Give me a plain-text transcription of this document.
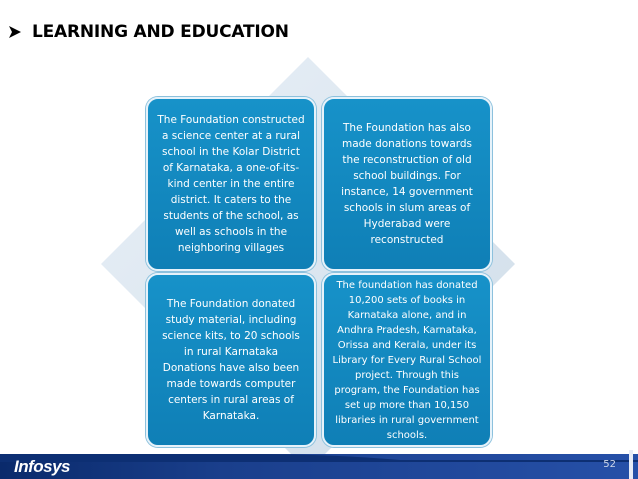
LEARNING AND EDUCATION
The Foundation constructed a science center at a rural school in the Kolar District of Karnataka, a one-of-its-kind center in the entire district. It caters to the students of the school, as well as schools in the neighboring villages
The Foundation has also made donations towards the reconstruction of old school buildings. For instance, 14 government schools in slum areas of Hyderabad were reconstructed
The Foundation donated study material, including science kits, to 20 schools in rural Karnataka Donations have also been made towards computer centers in rural areas of Karnataka.
The foundation has donated 10,200 sets of books in Karnataka alone, and in Andhra Pradesh, Karnataka, Orissa and Kerala, under its Library for Every Rural School project. Through this program, the Foundation has set up more than 10,150 libraries in rural government schools.
Infosys	52
